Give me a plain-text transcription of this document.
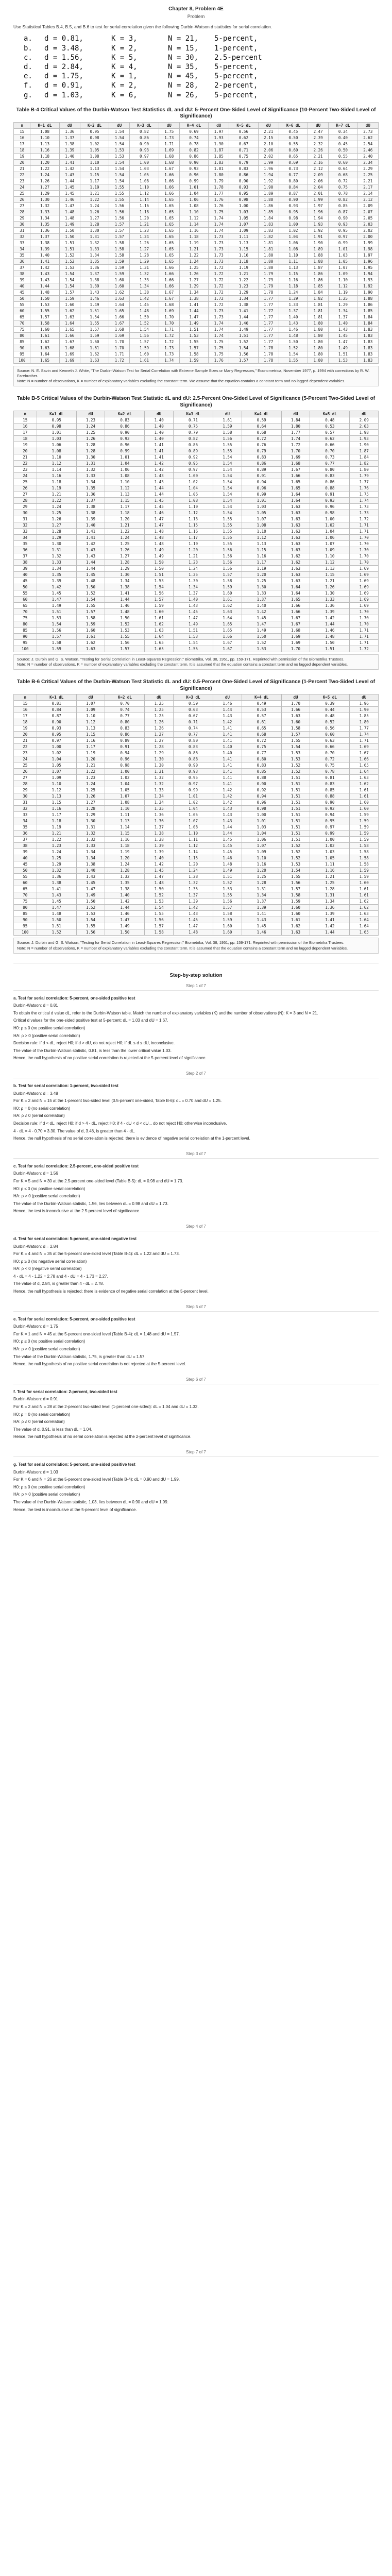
Chapter 8, Problem 4E
Problem
Use Statistical Tables B.4, B.5, and B.6 to test for serial correlation given the following Durbin-Watson d statistics for serial correlation.
a.	d = 0.81,	K = 3,	N = 21,	5-percent,
b.	d = 3.48,	K = 2,	N = 15,	1-percent,
c.	d = 1.56,	K = 5,	N = 30,	2.5-percent
d.	d = 2.84,	K = 4,	N = 35,	5-percent,
e.	d = 1.75,	K = 1,	N = 45,	5-percent,
f.	d = 0.91,	K = 2,	N = 28,	2-percent,
g.	d = 1.03,	K = 6,	N = 26,	5-percent,
Table B-4 Critical Values of the Durbin-Watson Test Statistics dL and dU: 5-Percent One-Sided Level of Significance (10-Percent Two-Sided Level of Significance)
n	K=1 dL	dU	K=2 dL	dU	K=3 dL	dU	K=4 dL	dU	K=5 dL	dU	K=6 dL	dU	K=7 dL	dU
15	1.08	1.36	0.95	1.54	0.82	1.75	0.69	1.97	0.56	2.21	0.45	2.47	0.34	2.73
16	1.10	1.37	0.98	1.54	0.86	1.73	0.74	1.93	0.62	2.15	0.50	2.39	0.40	2.62
17	1.13	1.38	1.02	1.54	0.90	1.71	0.78	1.90	0.67	2.10	0.55	2.32	0.45	2.54
18	1.16	1.39	1.05	1.53	0.93	1.69	0.82	1.87	0.71	2.06	0.60	2.26	0.50	2.46
19	1.18	1.40	1.08	1.53	0.97	1.68	0.86	1.85	0.75	2.02	0.65	2.21	0.55	2.40
20	1.20	1.41	1.10	1.54	1.00	1.68	0.90	1.83	0.79	1.99	0.69	2.16	0.60	2.34
21	1.22	1.42	1.13	1.54	1.03	1.67	0.93	1.81	0.83	1.96	0.73	2.12	0.64	2.29
22	1.24	1.43	1.15	1.54	1.05	1.66	0.96	1.80	0.86	1.94	0.77	2.09	0.68	2.25
23	1.26	1.44	1.17	1.54	1.08	1.66	0.99	1.79	0.90	1.92	0.80	2.06	0.72	2.21
24	1.27	1.45	1.19	1.55	1.10	1.66	1.01	1.78	0.93	1.90	0.84	2.04	0.75	2.17
25	1.29	1.45	1.21	1.55	1.12	1.66	1.04	1.77	0.95	1.89	0.87	2.01	0.78	2.14
26	1.30	1.46	1.22	1.55	1.14	1.65	1.06	1.76	0.98	1.88	0.90	1.99	0.82	2.12
27	1.32	1.47	1.24	1.56	1.16	1.65	1.08	1.76	1.00	1.86	0.93	1.97	0.85	2.09
28	1.33	1.48	1.26	1.56	1.18	1.65	1.10	1.75	1.03	1.85	0.95	1.96	0.87	2.07
29	1.34	1.48	1.27	1.56	1.20	1.65	1.12	1.74	1.05	1.84	0.98	1.94	0.90	2.05
30	1.35	1.49	1.28	1.57	1.21	1.65	1.14	1.74	1.07	1.83	1.00	1.93	0.93	2.03
31	1.36	1.50	1.30	1.57	1.23	1.65	1.16	1.74	1.09	1.83	1.02	1.92	0.95	2.02
32	1.37	1.50	1.31	1.57	1.24	1.65	1.18	1.73	1.11	1.82	1.04	1.91	0.97	2.00
33	1.38	1.51	1.32	1.58	1.26	1.65	1.19	1.73	1.13	1.81	1.06	1.90	0.99	1.99
34	1.39	1.51	1.33	1.58	1.27	1.65	1.21	1.73	1.15	1.81	1.08	1.89	1.01	1.98
35	1.40	1.52	1.34	1.58	1.28	1.65	1.22	1.73	1.16	1.80	1.10	1.88	1.03	1.97
36	1.41	1.52	1.35	1.59	1.29	1.65	1.24	1.73	1.18	1.80	1.11	1.88	1.05	1.96
37	1.42	1.53	1.36	1.59	1.31	1.66	1.25	1.72	1.19	1.80	1.13	1.87	1.07	1.95
38	1.43	1.54	1.37	1.59	1.32	1.66	1.26	1.72	1.21	1.79	1.15	1.86	1.09	1.94
39	1.43	1.54	1.38	1.60	1.33	1.66	1.27	1.72	1.22	1.79	1.16	1.86	1.10	1.93
40	1.44	1.54	1.39	1.60	1.34	1.66	1.29	1.72	1.23	1.79	1.18	1.85	1.12	1.92
45	1.48	1.57	1.43	1.62	1.38	1.67	1.34	1.72	1.29	1.78	1.24	1.84	1.19	1.90
50	1.50	1.59	1.46	1.63	1.42	1.67	1.38	1.72	1.34	1.77	1.29	1.82	1.25	1.88
55	1.53	1.60	1.49	1.64	1.45	1.68	1.41	1.72	1.38	1.77	1.33	1.81	1.29	1.86
60	1.55	1.62	1.51	1.65	1.48	1.69	1.44	1.73	1.41	1.77	1.37	1.81	1.34	1.85
65	1.57	1.63	1.54	1.66	1.50	1.70	1.47	1.73	1.44	1.77	1.40	1.81	1.37	1.84
70	1.58	1.64	1.55	1.67	1.52	1.70	1.49	1.74	1.46	1.77	1.43	1.80	1.40	1.84
75	1.60	1.65	1.57	1.68	1.54	1.71	1.51	1.74	1.49	1.77	1.46	1.80	1.43	1.83
80	1.61	1.66	1.59	1.69	1.56	1.72	1.53	1.74	1.51	1.77	1.48	1.80	1.45	1.83
85	1.62	1.67	1.60	1.70	1.57	1.72	1.55	1.75	1.52	1.77	1.50	1.80	1.47	1.83
90	1.63	1.68	1.61	1.70	1.59	1.73	1.57	1.75	1.54	1.78	1.52	1.80	1.49	1.83
95	1.64	1.69	1.62	1.71	1.60	1.73	1.58	1.75	1.56	1.78	1.54	1.80	1.51	1.83
100	1.65	1.69	1.63	1.72	1.61	1.74	1.59	1.76	1.57	1.78	1.55	1.80	1.53	1.83

Source: N. E. Savin and Kenneth J. White, "The Durbin-Watson Test for Serial Correlation with Extreme Sample Sizes or Many Regressors," Econometrica, November 1977, p. 1994 with corrections by R. W. Farebrother.

Note: N = number of observations, K = number of explanatory variables excluding the constant term. We assume that the equation contains a constant term and no lagged dependent variables.

Table B-5 Critical Values of the Durbin-Watson Test Statistic dL and dU: 2.5-Percent One-Sided Level of Significance (5-Percent Two-Sided Level of Significance)
n	K=1 dL	dU	K=2 dL	dU	K=3 dL	dU	K=4 dL	dU	K=5 dL	dU
15	0.95	1.23	0.83	1.40	0.71	1.61	0.59	1.84	0.48	2.09
16	0.98	1.24	0.86	1.40	0.75	1.59	0.64	1.80	0.53	2.03
17	1.01	1.25	0.90	1.40	0.79	1.58	0.68	1.77	0.57	1.98
18	1.03	1.26	0.93	1.40	0.82	1.56	0.72	1.74	0.62	1.93
19	1.06	1.28	0.96	1.41	0.86	1.55	0.76	1.72	0.66	1.90
20	1.08	1.28	0.99	1.41	0.89	1.55	0.79	1.70	0.70	1.87
21	1.10	1.30	1.01	1.41	0.92	1.54	0.83	1.69	0.73	1.84
22	1.12	1.31	1.04	1.42	0.95	1.54	0.86	1.68	0.77	1.82
23	1.14	1.32	1.06	1.42	0.97	1.54	0.89	1.67	0.80	1.80
24	1.16	1.33	1.08	1.43	1.00	1.54	0.91	1.66	0.83	1.79
25	1.18	1.34	1.10	1.43	1.02	1.54	0.94	1.65	0.86	1.77
26	1.19	1.35	1.12	1.44	1.04	1.54	0.96	1.65	0.88	1.76
27	1.21	1.36	1.13	1.44	1.06	1.54	0.99	1.64	0.91	1.75
28	1.22	1.37	1.15	1.45	1.08	1.54	1.01	1.64	0.93	1.74
29	1.24	1.38	1.17	1.45	1.10	1.54	1.03	1.63	0.96	1.73
30	1.25	1.38	1.18	1.46	1.12	1.54	1.05	1.63	0.98	1.73
31	1.26	1.39	1.20	1.47	1.13	1.55	1.07	1.63	1.00	1.72
32	1.27	1.40	1.21	1.47	1.15	1.55	1.08	1.63	1.02	1.71
33	1.28	1.41	1.22	1.48	1.16	1.55	1.10	1.63	1.04	1.71
34	1.29	1.41	1.24	1.48	1.17	1.55	1.12	1.63	1.06	1.70
35	1.30	1.42	1.25	1.48	1.19	1.55	1.13	1.63	1.07	1.70
36	1.31	1.43	1.26	1.49	1.20	1.56	1.15	1.63	1.09	1.70
37	1.32	1.43	1.27	1.49	1.21	1.56	1.16	1.62	1.10	1.70
38	1.33	1.44	1.28	1.50	1.23	1.56	1.17	1.62	1.12	1.70
39	1.34	1.44	1.29	1.50	1.24	1.56	1.19	1.63	1.13	1.69
40	1.35	1.45	1.30	1.51	1.25	1.57	1.20	1.63	1.15	1.69
45	1.39	1.48	1.34	1.53	1.30	1.58	1.25	1.63	1.21	1.69
50	1.42	1.50	1.38	1.54	1.34	1.59	1.30	1.64	1.26	1.69
55	1.45	1.52	1.41	1.56	1.37	1.60	1.33	1.64	1.30	1.69
60	1.47	1.54	1.44	1.57	1.40	1.61	1.37	1.65	1.33	1.69
65	1.49	1.55	1.46	1.59	1.43	1.62	1.40	1.66	1.36	1.69
70	1.51	1.57	1.48	1.60	1.45	1.63	1.42	1.66	1.39	1.70
75	1.53	1.58	1.50	1.61	1.47	1.64	1.45	1.67	1.42	1.70
80	1.54	1.59	1.52	1.62	1.49	1.65	1.47	1.67	1.44	1.70
85	1.56	1.60	1.53	1.63	1.51	1.65	1.49	1.68	1.46	1.71
90	1.57	1.61	1.55	1.64	1.53	1.66	1.50	1.69	1.48	1.71
95	1.58	1.62	1.56	1.65	1.54	1.67	1.52	1.69	1.50	1.71
100	1.59	1.63	1.57	1.65	1.55	1.67	1.53	1.70	1.51	1.72

Source: J. Durbin and G. S. Watson, "Testing for Serial Correlation in Least-Squares Regression," Biometrika, Vol. 38, 1951, pp. 159-171. Reprinted with permission of the Biometrika Trustees.

Note: N = number of observations, K = number of explanatory variables excluding the constant term. It is assumed that the equation contains a constant term and no lagged dependent variables.

Table B-6 Critical Values of the Durbin-Watson Test Statistic dL and dU: 0.5-Percent One-Sided Level of Significance (1-Percent Two-Sided Level of Significance)
n	K=1 dL	dU	K=2 dL	dU	K=3 dL	dU	K=4 dL	dU	K=5 dL	dU
15	0.81	1.07	0.70	1.25	0.59	1.46	0.49	1.70	0.39	1.96
16	0.84	1.09	0.74	1.25	0.63	1.44	0.53	1.66	0.44	1.90
17	0.87	1.10	0.77	1.25	0.67	1.43	0.57	1.63	0.48	1.85
18	0.90	1.12	0.80	1.26	0.71	1.42	0.61	1.60	0.52	1.80
19	0.93	1.13	0.83	1.26	0.74	1.41	0.65	1.58	0.56	1.77
20	0.95	1.15	0.86	1.27	0.77	1.41	0.68	1.57	0.60	1.74
21	0.97	1.16	0.89	1.27	0.80	1.41	0.72	1.55	0.63	1.71
22	1.00	1.17	0.91	1.28	0.83	1.40	0.75	1.54	0.66	1.69
23	1.02	1.19	0.94	1.29	0.86	1.40	0.77	1.53	0.70	1.67
24	1.04	1.20	0.96	1.30	0.88	1.41	0.80	1.53	0.72	1.66
25	1.05	1.21	0.98	1.30	0.90	1.41	0.83	1.52	0.75	1.65
26	1.07	1.22	1.00	1.31	0.93	1.41	0.85	1.52	0.78	1.64
27	1.09	1.23	1.02	1.32	0.95	1.41	0.88	1.51	0.81	1.63
28	1.10	1.24	1.04	1.32	0.97	1.41	0.90	1.51	0.83	1.62
29	1.12	1.25	1.05	1.33	0.99	1.42	0.92	1.51	0.85	1.61
30	1.13	1.26	1.07	1.34	1.01	1.42	0.94	1.51	0.88	1.61
31	1.15	1.27	1.08	1.34	1.02	1.42	0.96	1.51	0.90	1.60
32	1.16	1.28	1.10	1.35	1.04	1.43	0.98	1.51	0.92	1.60
33	1.17	1.29	1.11	1.36	1.05	1.43	1.00	1.51	0.94	1.59
34	1.18	1.30	1.13	1.36	1.07	1.43	1.01	1.51	0.95	1.59
35	1.19	1.31	1.14	1.37	1.08	1.44	1.03	1.51	0.97	1.59
36	1.21	1.32	1.15	1.38	1.10	1.44	1.04	1.51	0.99	1.59
37	1.22	1.32	1.16	1.38	1.11	1.45	1.06	1.51	1.00	1.59
38	1.23	1.33	1.18	1.39	1.12	1.45	1.07	1.52	1.02	1.58
39	1.24	1.34	1.19	1.39	1.14	1.45	1.09	1.52	1.03	1.58
40	1.25	1.34	1.20	1.40	1.15	1.46	1.10	1.52	1.05	1.58
45	1.29	1.38	1.24	1.42	1.20	1.48	1.16	1.53	1.11	1.58
50	1.32	1.40	1.28	1.45	1.24	1.49	1.20	1.54	1.16	1.59
55	1.36	1.43	1.32	1.47	1.28	1.51	1.25	1.55	1.21	1.59
60	1.38	1.45	1.35	1.48	1.32	1.52	1.28	1.56	1.25	1.60
65	1.41	1.47	1.38	1.50	1.35	1.53	1.31	1.57	1.28	1.61
70	1.43	1.49	1.40	1.52	1.37	1.55	1.34	1.58	1.31	1.61
75	1.45	1.50	1.42	1.53	1.39	1.56	1.37	1.59	1.34	1.62
80	1.47	1.52	1.44	1.54	1.42	1.57	1.39	1.60	1.36	1.62
85	1.48	1.53	1.46	1.55	1.43	1.58	1.41	1.60	1.39	1.63
90	1.50	1.54	1.47	1.56	1.45	1.59	1.43	1.61	1.41	1.64
95	1.51	1.55	1.49	1.57	1.47	1.60	1.45	1.62	1.42	1.64
100	1.52	1.56	1.50	1.58	1.48	1.60	1.46	1.63	1.44	1.65

Source: J. Durbin and G. S. Watson, "Testing for Serial Correlation in Least-Squares Regression," Biometrika, Vol. 38, 1951, pp. 159-171. Reprinted with permission of the Biometrika Trustees.

Note: N = number of observations, K = number of explanatory variables excluding the constant term. It is assumed that the equation contains a constant term and no lagged dependent variables.

Step-by-step solution
Step 1 of 7

a. Test for serial correlation: 5-percent, one-sided positive test

Durbin-Watson: d = 0.81

To obtain the critical d value dL, refer to the Durbin-Watson table. Match the number of explanatory variables (K) and the number of observations (N): K = 3 and N = 21.

Critical d values for the one-sided positive test at 5-percent: dL = 1.03 and dU = 1.67.

H0: ρ ≤ 0 (no positive serial correlation)

HA: ρ > 0 (positive serial correlation)

Decision rule: if d < dL, reject H0; if d > dU, do not reject H0; if dL ≤ d ≤ dU, inconclusive.

The value of the Durbin-Watson statistic, 0.81, is less than the lower critical value 1.03.

Hence, the null hypothesis of no positive serial correlation is rejected at the 5-percent level of significance.

Step 2 of 7

b. Test for serial correlation: 1-percent, two-sided test

Durbin-Watson: d = 3.48

For K = 2 and N = 15 at the 1-percent two-sided level (0.5-percent one-sided, Table B-6): dL = 0.70 and dU = 1.25.

H0: ρ = 0 (no serial correlation)

HA: ρ ≠ 0 (serial correlation)

Decision rule: if d < dL, reject H0; if d > 4 - dL, reject H0; if 4 - dU < d < dU... do not reject H0; otherwise inconclusive.

4 - dL = 4 - 0.70 = 3.30. The value of d, 3.48, is greater than 4 - dL.

Hence, the null hypothesis of no serial correlation is rejected; there is evidence of negative serial correlation at the 1-percent level.

Step 3 of 7

c. Test for serial correlation: 2.5-percent, one-sided positive test

Durbin-Watson: d = 1.56

For K = 5 and N = 30 at the 2.5-percent one-sided level (Table B-5): dL = 0.98 and dU = 1.73.

H0: ρ ≤ 0 (no positive serial correlation)

HA: ρ > 0 (positive serial correlation)

The value of the Durbin-Watson statistic, 1.56, lies between dL = 0.98 and dU = 1.73.

Hence, the test is inconclusive at the 2.5-percent level of significance.

Step 4 of 7

d. Test for serial correlation: 5-percent, one-sided negative test

Durbin-Watson: d = 2.84

For K = 4 and N = 35 at the 5-percent one-sided level (Table B-4): dL = 1.22 and dU = 1.73.

H0: ρ ≥ 0 (no negative serial correlation)

HA: ρ < 0 (negative serial correlation)

4 - dL = 4 - 1.22 = 2.78 and 4 - dU = 4 - 1.73 = 2.27.

The value of d, 2.84, is greater than 4 - dL = 2.78.

Hence, the null hypothesis is rejected; there is evidence of negative serial correlation at the 5-percent level.

Step 5 of 7

e. Test for serial correlation: 5-percent, one-sided positive test

Durbin-Watson: d = 1.75

For K = 1 and N = 45 at the 5-percent one-sided level (Table B-4): dL = 1.48 and dU = 1.57.

H0: ρ ≤ 0 (no positive serial correlation)

HA: ρ > 0 (positive serial correlation)

The value of the Durbin-Watson statistic, 1.75, is greater than dU = 1.57.

Hence, the null hypothesis of no positive serial correlation is not rejected at the 5-percent level.

Step 6 of 7

f. Test for serial correlation: 2-percent, two-sided test

Durbin-Watson: d = 0.91

For K = 2 and N = 28 at the 2-percent two-sided level (1-percent one-sided): dL = 1.04 and dU = 1.32.

H0: ρ = 0 (no serial correlation)

HA: ρ ≠ 0 (serial correlation)

The value of d, 0.91, is less than dL = 1.04.

Hence, the null hypothesis of no serial correlation is rejected at the 2-percent level of significance.

Step 7 of 7

g. Test for serial correlation: 5-percent, one-sided positive test

Durbin-Watson: d = 1.03

For K = 6 and N = 26 at the 5-percent one-sided level (Table B-4): dL = 0.90 and dU = 1.99.

H0: ρ ≤ 0 (no positive serial correlation)

HA: ρ > 0 (positive serial correlation)

The value of the Durbin-Watson statistic, 1.03, lies between dL = 0.90 and dU = 1.99.

Hence, the test is inconclusive at the 5-percent level of significance.
